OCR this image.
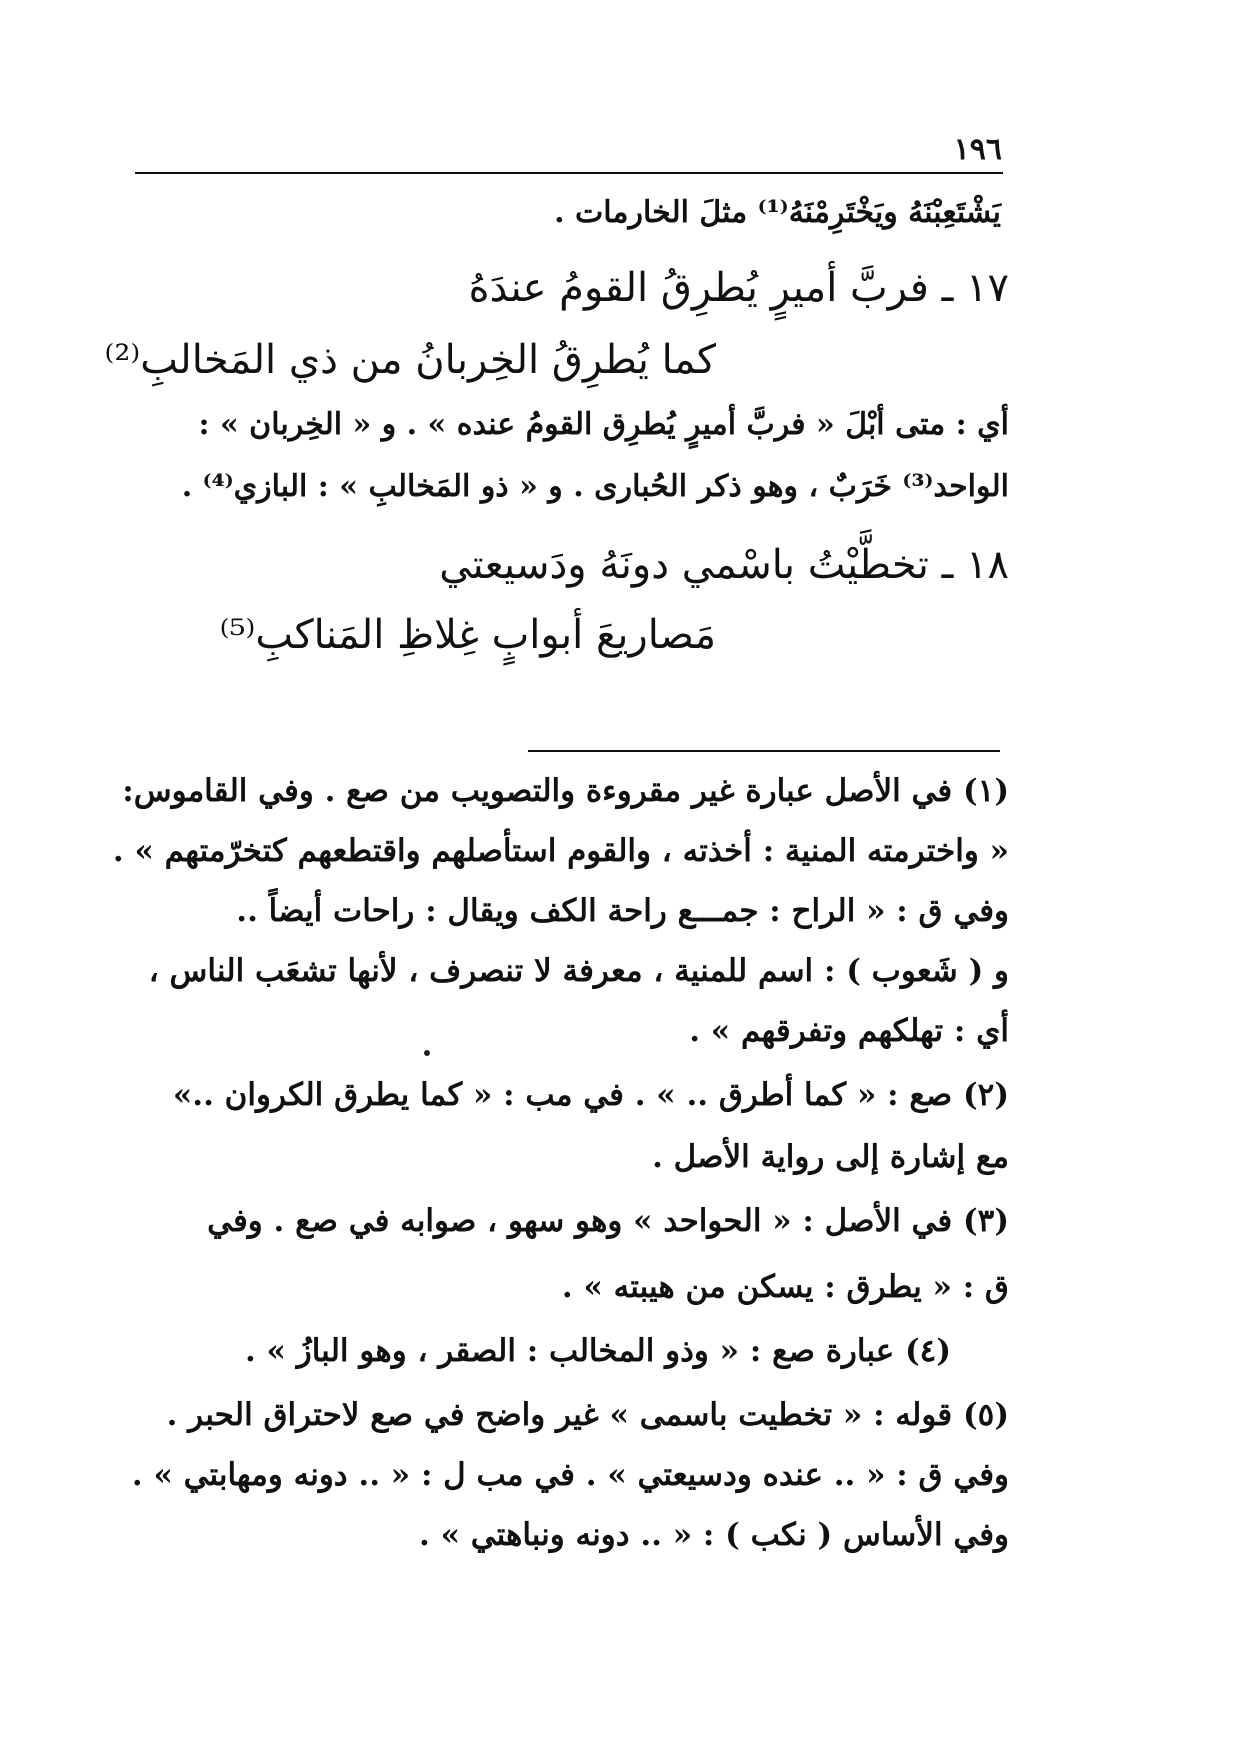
١٩٦
يَشْتَعِبْنَهُ ويَخْتَرِمْنَهُ⁽¹⁾ مثلَ الخارمات .
١٧ ـ فربَّ أميرٍ يُطرِقُ القومُ عندَهُ
كما يُطرِقُ الخِربانُ من ذي المَخالبِ⁽²⁾
أي : متى أبْلَ « فربَّ أميرٍ يُطرِق القومُ عنده » . و « الخِربان » :
الواحد⁽³⁾ خَرَبٌ ، وهو ذكر الحُبارى . و « ذو المَخالبِ » : البازي⁽⁴⁾ .
١٨ ـ تخطَّيْتُ باسْمي دونَهُ ودَسيعتي
مَصاريعَ أبوابٍ غِلاظِ المَناكبِ⁽⁵⁾
(١) في الأصل عبارة غير مقروءة والتصويب من صع . وفي القاموس:
« واخترمته المنية : أخذته ، والقوم استأصلهم واقتطعهم كتخرّمتهم » .
وفي ق : « الراح : جمـــع راحة الكف ويقال : راحات أيضاً ..
و ( شَعوب ) : اسم للمنية ، معرفة لا تنصرف ، لأنها تشعَب الناس ،
أي : تهلكهم وتفرقهم » .
(٢) صع : « كما أطرق .. » . في مب : « كما يطرق الكروان ..»
مع إشارة إلى رواية الأصل .
(٣) في الأصل : « الحواحد » وهو سهو ، صوابه في صع . وفي
ق : « يطرق : يسكن من هيبته » .
(٤) عبارة صع : « وذو المخالب : الصقر ، وهو البازُ » .
(٥) قوله : « تخطيت باسمى » غير واضح في صع لاحتراق الحبر .
وفي ق : « .. عنده ودسيعتي » . في مب ل : « .. دونه ومهابتي » .
وفي الأساس ( نكب ) : « .. دونه ونباهتي » .
